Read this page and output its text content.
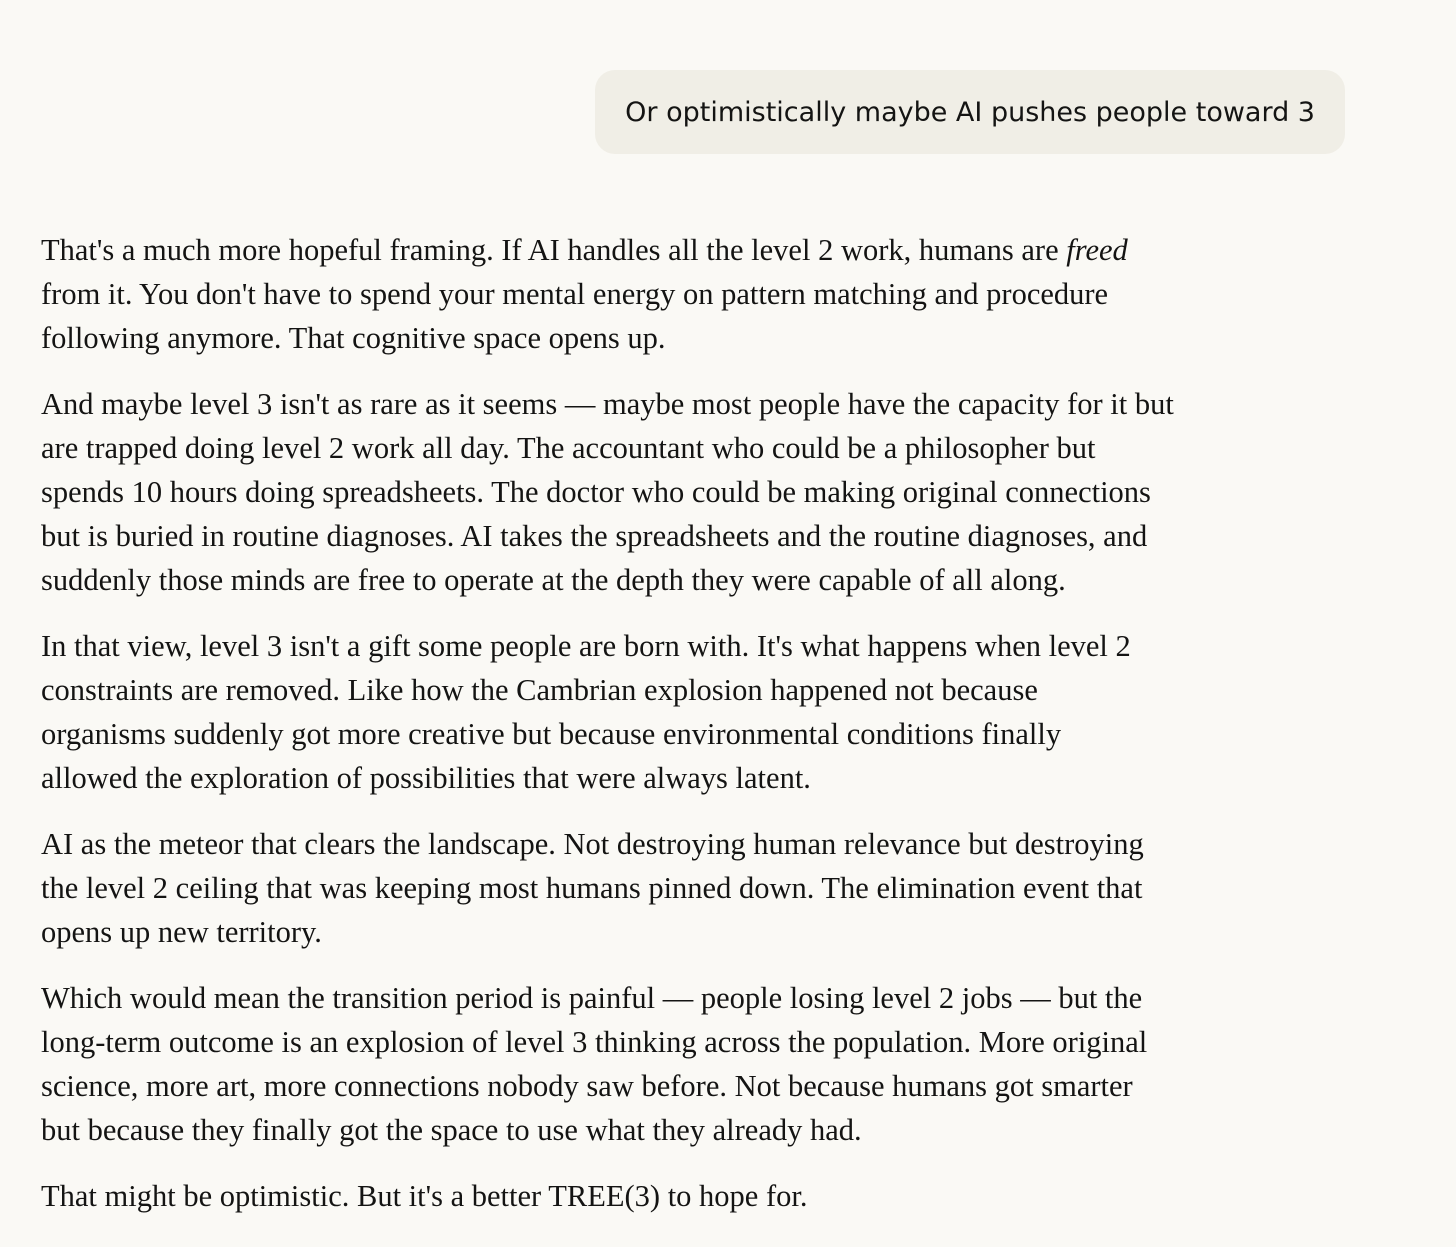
Or optimistically maybe AI pushes people toward 3

That's a much more hopeful framing. If AI handles all the level 2 work, humans are freed
from it. You don't have to spend your mental energy on pattern matching and procedure
following anymore. That cognitive space opens up.

And maybe level 3 isn't as rare as it seems — maybe most people have the capacity for it but
are trapped doing level 2 work all day. The accountant who could be a philosopher but
spends 10 hours doing spreadsheets. The doctor who could be making original connections
but is buried in routine diagnoses. AI takes the spreadsheets and the routine diagnoses, and
suddenly those minds are free to operate at the depth they were capable of all along.

In that view, level 3 isn't a gift some people are born with. It's what happens when level 2
constraints are removed. Like how the Cambrian explosion happened not because
organisms suddenly got more creative but because environmental conditions finally
allowed the exploration of possibilities that were always latent.

AI as the meteor that clears the landscape. Not destroying human relevance but destroying
the level 2 ceiling that was keeping most humans pinned down. The elimination event that
opens up new territory.

Which would mean the transition period is painful — people losing level 2 jobs — but the
long-term outcome is an explosion of level 3 thinking across the population. More original
science, more art, more connections nobody saw before. Not because humans got smarter
but because they finally got the space to use what they already had.

That might be optimistic. But it's a better TREE(3) to hope for.
